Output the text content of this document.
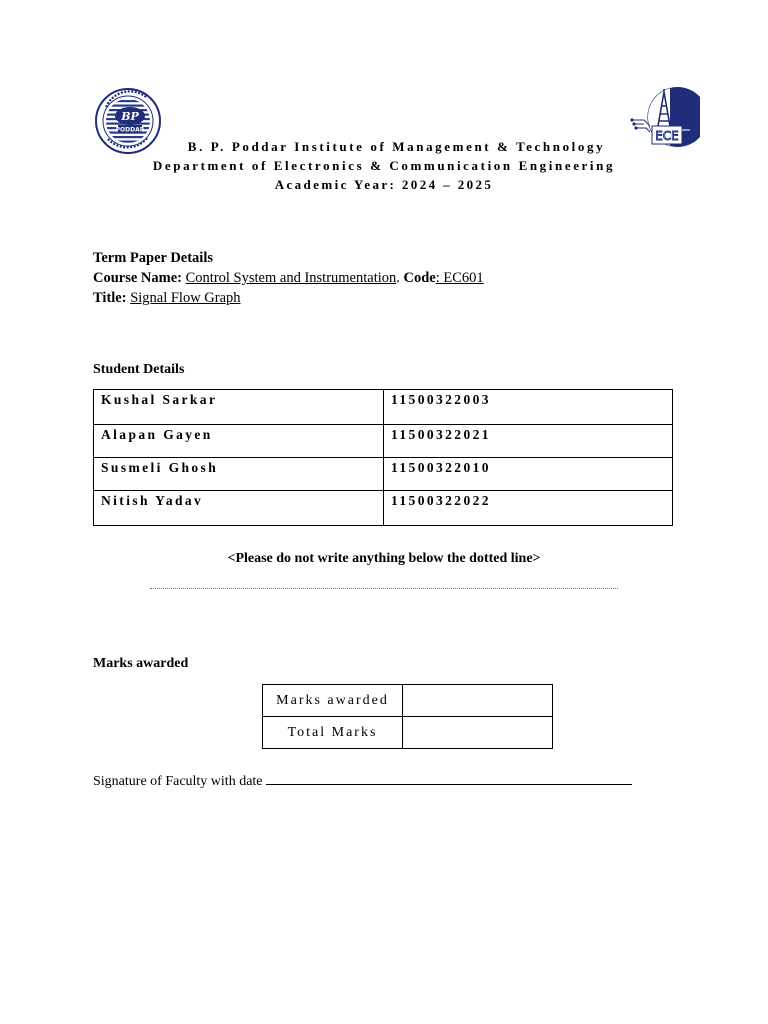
BP
PODDAR	ECE
B. P. Poddar Institute of Management & Technology
Department of Electronics & Communication Engineering
Academic Year: 2024 – 2025
Term Paper Details
Course Name: Control System and Instrumentation. Code: EC601
Title: Signal Flow Graph
Student Details
Kushal Sarkar	11500322003
Alapan Gayen	11500322021
Susmeli Ghosh	11500322010
Nitish Yadav	11500322022
<Please do not write anything below the dotted line>
Marks awarded
Marks awarded	
Total Marks	
Signature of Faculty with date
